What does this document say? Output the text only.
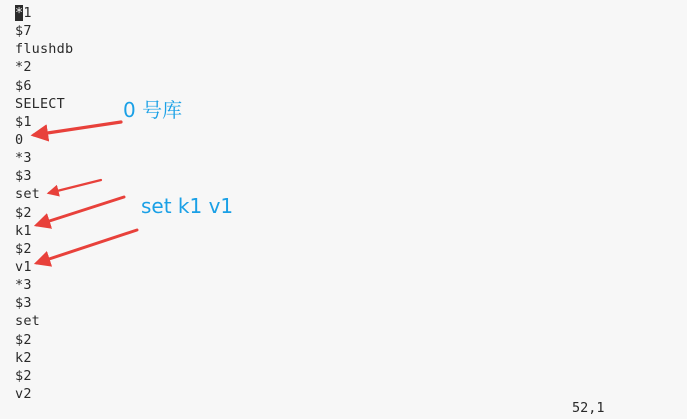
*1
$7
flushdb
*2
$6
SELECT
$1
0
*3
$3
set
$2
k1
$2
v1
*3
$3
set
$2
k2
$2
v2
52,1
0 号库
set k1 v1
